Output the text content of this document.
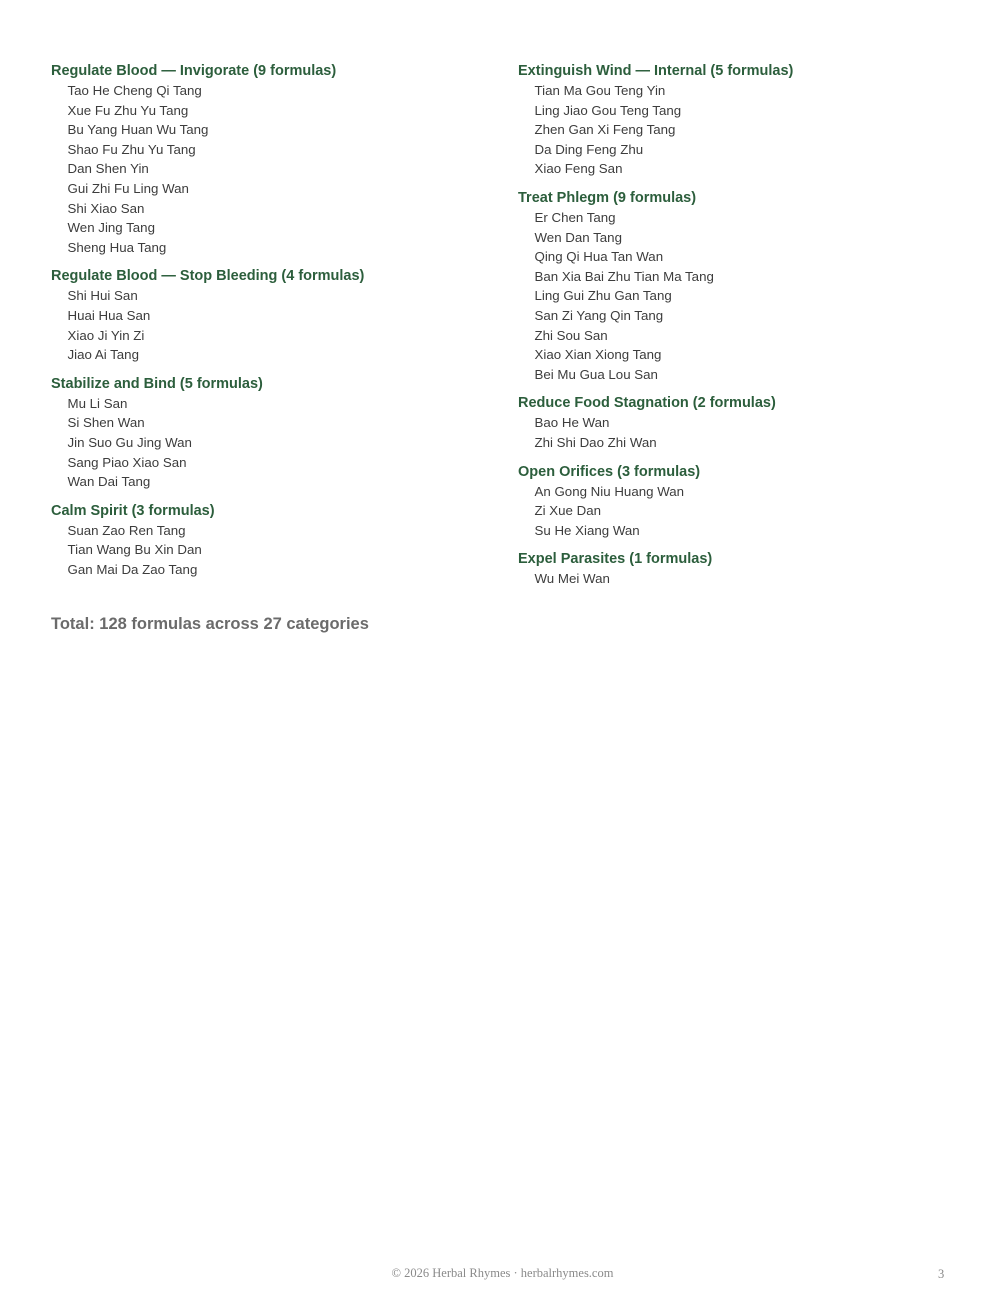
Regulate Blood — Invigorate (9 formulas)
Tao He Cheng Qi Tang
Xue Fu Zhu Yu Tang
Bu Yang Huan Wu Tang
Shao Fu Zhu Yu Tang
Dan Shen Yin
Gui Zhi Fu Ling Wan
Shi Xiao San
Wen Jing Tang
Sheng Hua Tang
Regulate Blood — Stop Bleeding (4 formulas)
Shi Hui San
Huai Hua San
Xiao Ji Yin Zi
Jiao Ai Tang
Stabilize and Bind (5 formulas)
Mu Li San
Si Shen Wan
Jin Suo Gu Jing Wan
Sang Piao Xiao San
Wan Dai Tang
Calm Spirit (3 formulas)
Suan Zao Ren Tang
Tian Wang Bu Xin Dan
Gan Mai Da Zao Tang
Extinguish Wind — Internal (5 formulas)
Tian Ma Gou Teng Yin
Ling Jiao Gou Teng Tang
Zhen Gan Xi Feng Tang
Da Ding Feng Zhu
Xiao Feng San
Treat Phlegm (9 formulas)
Er Chen Tang
Wen Dan Tang
Qing Qi Hua Tan Wan
Ban Xia Bai Zhu Tian Ma Tang
Ling Gui Zhu Gan Tang
San Zi Yang Qin Tang
Zhi Sou San
Xiao Xian Xiong Tang
Bei Mu Gua Lou San
Reduce Food Stagnation (2 formulas)
Bao He Wan
Zhi Shi Dao Zhi Wan
Open Orifices (3 formulas)
An Gong Niu Huang Wan
Zi Xue Dan
Su He Xiang Wan
Expel Parasites (1 formulas)
Wu Mei Wan
Total: 128 formulas across 27 categories
© 2026 Herbal Rhymes · herbalrhymes.com	3
